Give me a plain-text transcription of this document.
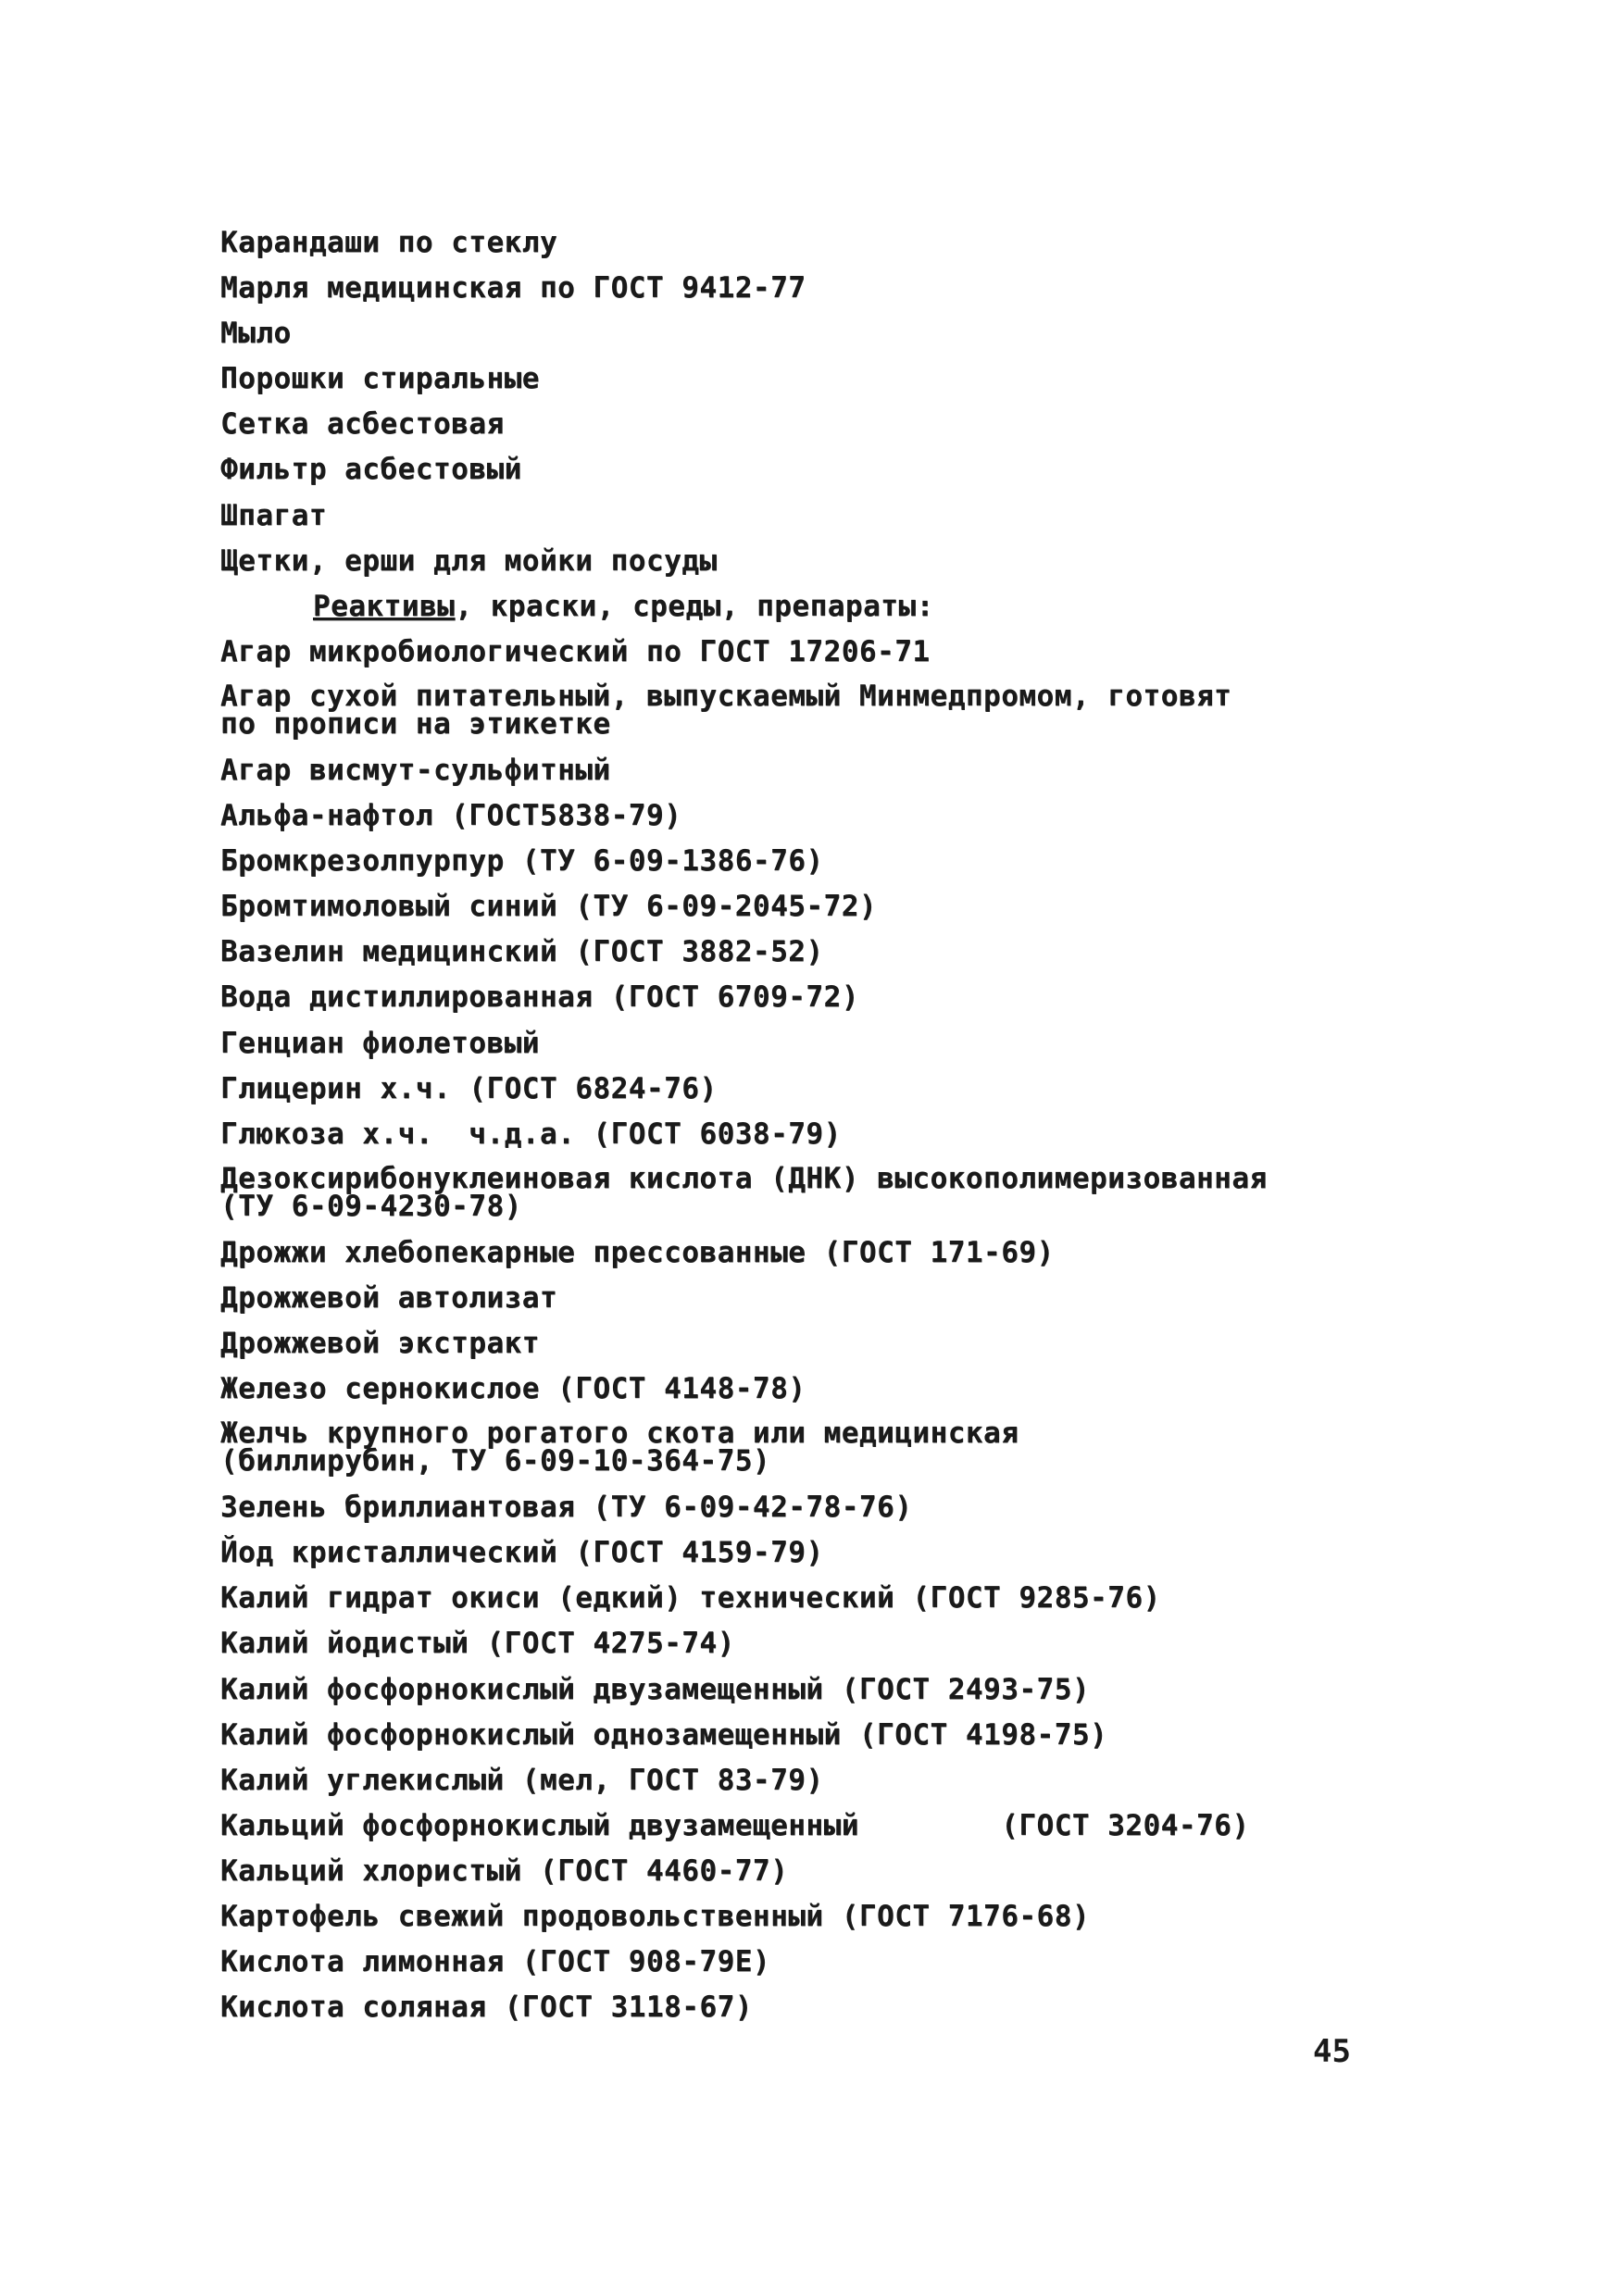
Карандаши по стеклу
Марля медицинская по ГОСТ 9412-77
Мыло
Порошки стиральные
Сетка асбестовая
Фильтр асбестовый
Шпагат
Щетки, ерши для мойки посуды
Реактивы, краски, среды, препараты:
Агар микробиологический по ГОСТ 17206-71
Агар сухой питательный, выпускаемый Минмедпромом, готовят
по прописи на этикетке
Агар висмут-сульфитный
Альфа-нафтол (ГОСТ5838-79)
Бромкрезолпурпур (ТУ 6-09-1386-76)
Бромтимоловый синий (ТУ 6-09-2045-72)
Вазелин медицинский (ГОСТ 3882-52)
Вода дистиллированная (ГОСТ 6709-72)
Генциан фиолетовый
Глицерин х.ч. (ГОСТ 6824-76)
Глюкоза х.ч.  ч.д.а. (ГОСТ 6038-79)
Дезоксирибонуклеиновая кислота (ДНК) высокополимеризованная
(ТУ 6-09-4230-78)
Дрожжи хлебопекарные прессованные (ГОСТ 171-69)
Дрожжевой автолизат
Дрожжевой экстракт
Железо сернокислое (ГОСТ 4148-78)
Желчь крупного рогатого скота или медицинская
(биллирубин, ТУ 6-09-10-364-75)
Зелень бриллиантовая (ТУ 6-09-42-78-76)
Йод кристаллический (ГОСТ 4159-79)
Калий гидрат окиси (едкий) технический (ГОСТ 9285-76)
Калий йодистый (ГОСТ 4275-74)
Калий фосфорнокислый двузамещенный (ГОСТ 2493-75)
Калий фосфорнокислый однозамещенный (ГОСТ 4198-75)
Калий углекислый (мел, ГОСТ 83-79)
Кальций фосфорнокислый двузамещенный        (ГОСТ 3204-76)
Кальций хлористый (ГОСТ 4460-77)
Картофель свежий продовольственный (ГОСТ 7176-68)
Кислота лимонная (ГОСТ 908-79Е)
Кислота соляная (ГОСТ 3118-67)
45
